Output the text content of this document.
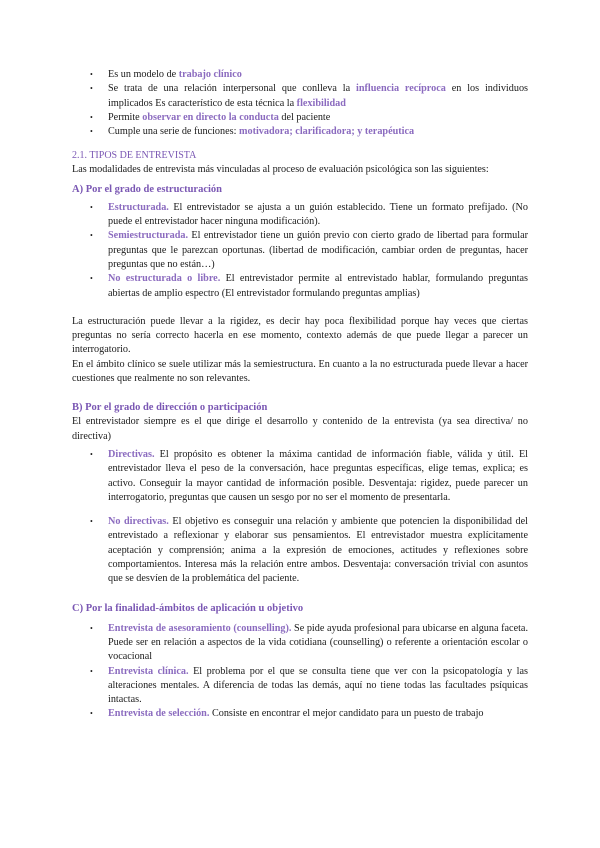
• Es un modelo de trabajo clínico
• Se trata de una relación interpersonal que conlleva la influencia recíproca en los individuos implicados Es característico de esta técnica la flexibilidad
• Permite observar en directo la conducta del paciente
• Cumple una serie de funciones: motivadora; clarificadora; y terapéutica
2.1. TIPOS DE ENTREVISTA

Las modalidades de entrevista más vinculadas al proceso de evaluación psicológica son las siguientes:

A) Por el grado de estructuración
• Estructurada. El entrevistador se ajusta a un guión establecido. Tiene un formato prefijado. (No puede el entrevistador hacer ninguna modificación).
• Semiestructurada. El entrevistador tiene un guión previo con cierto grado de libertad para formular preguntas que le parezcan oportunas. (libertad de modificación, cambiar orden de preguntas, hacer preguntas que no están…)
• No estructurada o libre. El entrevistador permite al entrevistado hablar, formulando preguntas abiertas de amplio espectro (El entrevistador formulando preguntas amplias)

La estructuración puede llevar a la rigidez, es decir hay poca flexibilidad porque hay veces que ciertas preguntas no sería correcto hacerla en ese momento, contexto además de que puede llegar a parecer un interrogatorio.

En el ámbito clínico se suele utilizar más la semiestructura. En cuanto a la no estructurada puede llevar a hacer cuestiones que realmente no son relevantes.

B) Por el grado de dirección o participación

El entrevistador siempre es el que dirige el desarrollo y contenido de la entrevista (ya sea directiva/ no directiva)

• Directivas. El propósito es obtener la máxima cantidad de información fiable, válida y útil. El entrevistador lleva el peso de la conversación, hace preguntas específicas, elige temas, explica; es activo. Conseguir la mayor cantidad de información posible. Desventaja: rigidez, puede parecer un interrogatorio, preguntas que causen un sesgo por no ser el momento de presentarla.
• No directivas. El objetivo es conseguir una relación y ambiente que potencien la disponibilidad del entrevistado a reflexionar y elaborar sus pensamientos. El entrevistador muestra explícitamente aceptación y comprensión; anima a la expresión de emociones, actitudes y reflexiones sobre comportamientos. Interesa más la relación entre ambos. Desventaja: conversación trivial con asuntos que se desvíen de la problemática del paciente.
C) Por la finalidad-ámbitos de aplicación u objetivo
• Entrevista de asesoramiento (counselling). Se pide ayuda profesional para ubicarse en alguna faceta. Puede ser en relación a aspectos de la vida cotidiana (counselling) o referente a orientación escolar o vocacional
• Entrevista clínica. El problema por el que se consulta tiene que ver con la psicopatología y las alteraciones mentales. A diferencia de todas las demás, aquí no tiene todas las facultades psíquicas intactas.
• Entrevista de selección. Consiste en encontrar el mejor candidato para un puesto de trabajo
